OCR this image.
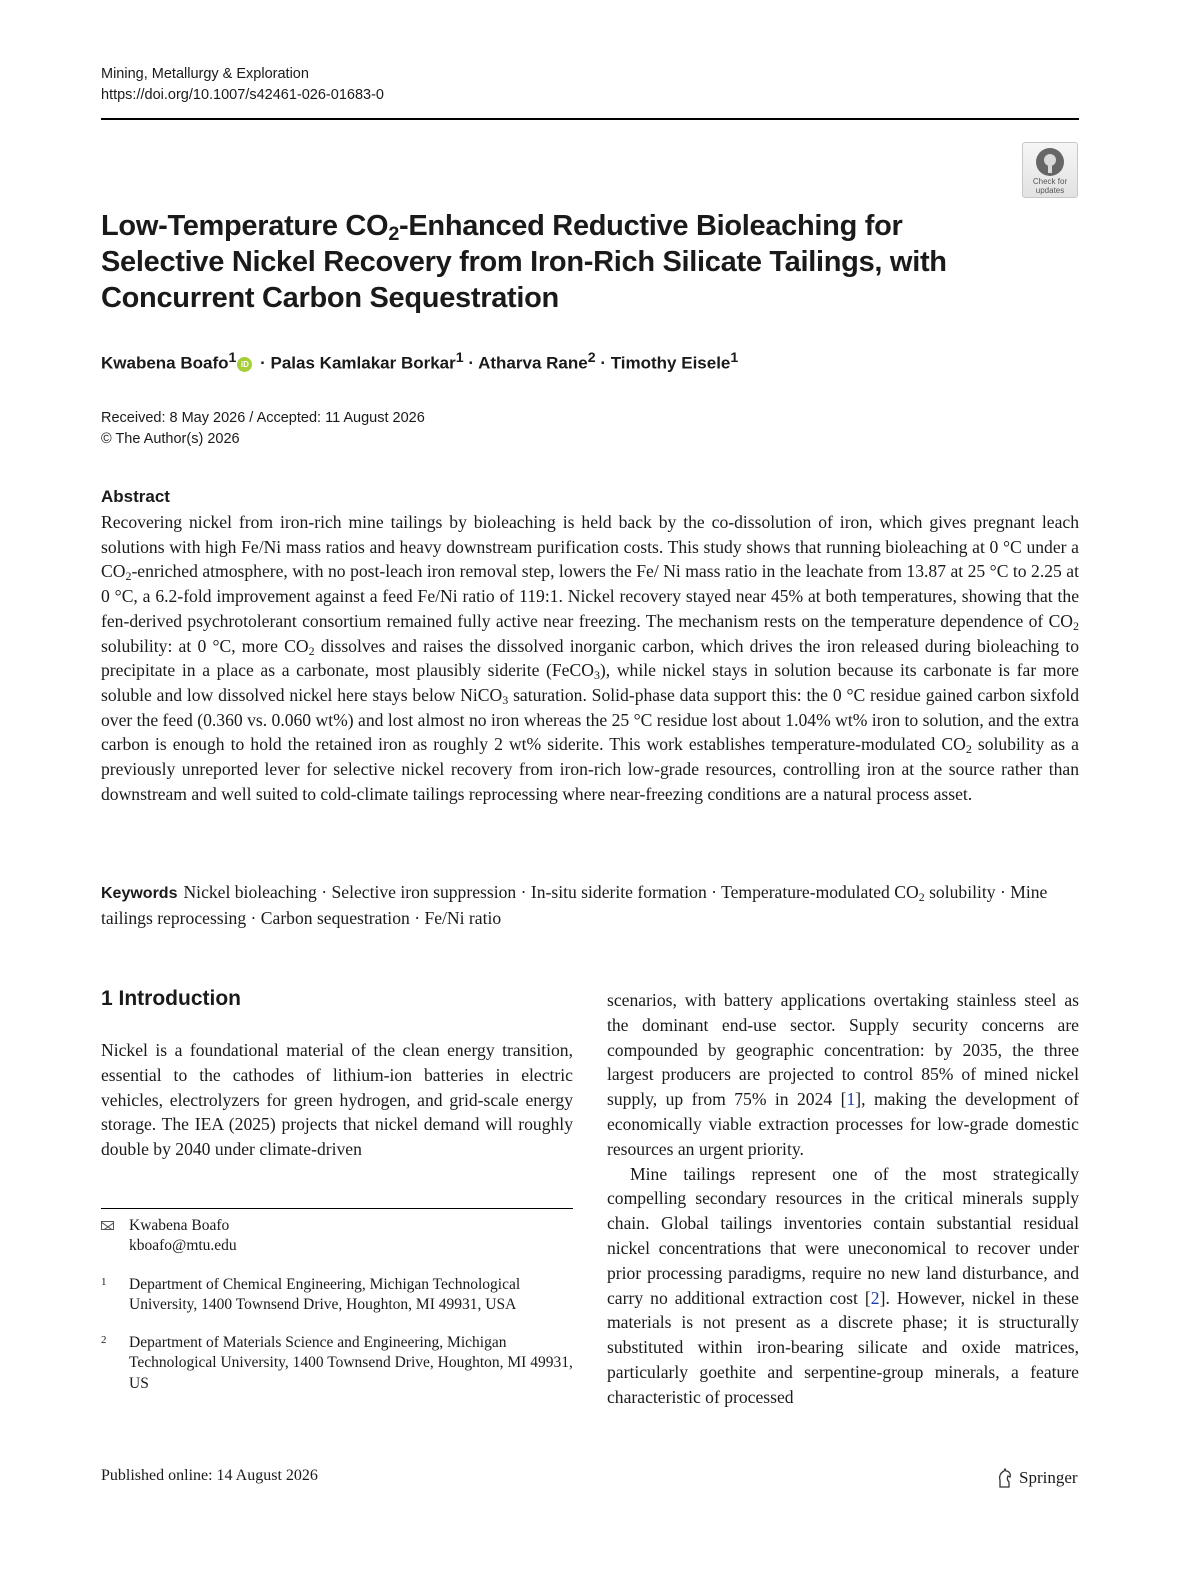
Mining, Metallurgy & Exploration
https://doi.org/10.1007/s42461-026-01683-0
Check for
updates
Low-Temperature $CO_2$-Enhanced Reductive Bioleaching for Selective Nickel Recovery from Iron-Rich Silicate Tailings, with Concurrent Carbon Sequestration
Kwabena Boafo$^1$ iD · Palas Kamlakar Borkar$^1$ · Atharva Rane$^2$ · Timothy Eisele$^1$
Received: 8 May 2026 / Accepted: 11 August 2026
© The Author(s) 2026
Abstract

Recovering nickel from iron-rich mine tailings by bioleaching is held back by the co-dissolution of iron, which gives pregnant leach solutions with high Fe/Ni mass ratios and heavy downstream purification costs. This study shows that running bioleaching at 0 °C under a $CO_2$-enriched atmosphere, with no post-leach iron removal step, lowers the Fe/ Ni mass ratio in the leachate from 13.87 at 25 °C to 2.25 at 0 °C, a 6.2-fold improvement against a feed Fe/Ni ratio of 119:1. Nickel recovery stayed near 45% at both temperatures, showing that the fen-derived psychrotolerant consortium remained fully active near freezing. The mechanism rests on the temperature dependence of $CO_2$ solubility: at 0 °C, more $CO_2$ dissolves and raises the dissolved inorganic carbon, which drives the iron released during bioleaching to precipitate in a place as a carbonate, most plausibly siderite (FeCO$_3$), while nickel stays in solution because its carbonate is far more soluble and low dissolved nickel here stays below NiCO$_3$ saturation. Solid-phase data support this: the 0 °C residue gained carbon sixfold over the feed (0.360 vs. 0.060 wt%) and lost almost no iron whereas the 25 °C residue lost about 1.04% wt% iron to solution, and the extra carbon is enough to hold the retained iron as roughly 2 wt% siderite. This work establishes temperature-modulated $CO_2$ solubility as a previously unreported lever for selective nickel recovery from iron-rich low-grade resources, controlling iron at the source rather than downstream and well suited to cold-climate tailings reprocessing where near-freezing conditions are a natural process asset.

Keywords Nickel bioleaching · Selective iron suppression · In-situ siderite formation · Temperature-modulated $CO_2$ solubility · Mine tailings reprocessing · Carbon sequestration · Fe/Ni ratio
1 Introduction

Nickel is a foundational material of the clean energy transition, essential to the cathodes of lithium-ion batteries in electric vehicles, electrolyzers for green hydrogen, and grid-scale energy storage. The IEA (2025) projects that nickel demand will roughly double by 2040 under climate-driven

scenarios, with battery applications overtaking stainless steel as the dominant end-use sector. Supply security concerns are compounded by geographic concentration: by 2035, the three largest producers are projected to control 85% of mined nickel supply, up from 75% in 2024 [1], making the development of economically viable extraction processes for low-grade domestic resources an urgent priority.

Mine tailings represent one of the most strategically compelling secondary resources in the critical minerals supply chain. Global tailings inventories contain substantial residual nickel concentrations that were uneconomical to recover under prior processing paradigms, require no new land disturbance, and carry no additional extraction cost [2]. However, nickel in these materials is not present as a discrete phase; it is structurally substituted within iron-bearing silicate and oxide matrices, particularly goethite and serpentine-group minerals, a feature characteristic of processed

Kwabena Boafo
kboafo@mtu.edu
1 Department of Chemical Engineering, Michigan Technological University, 1400 Townsend Drive, Houghton, MI 49931, USA
2 Department of Materials Science and Engineering, Michigan Technological University, 1400 Townsend Drive, Houghton, MI 49931, US
Published online: 14 August 2026	Springer
